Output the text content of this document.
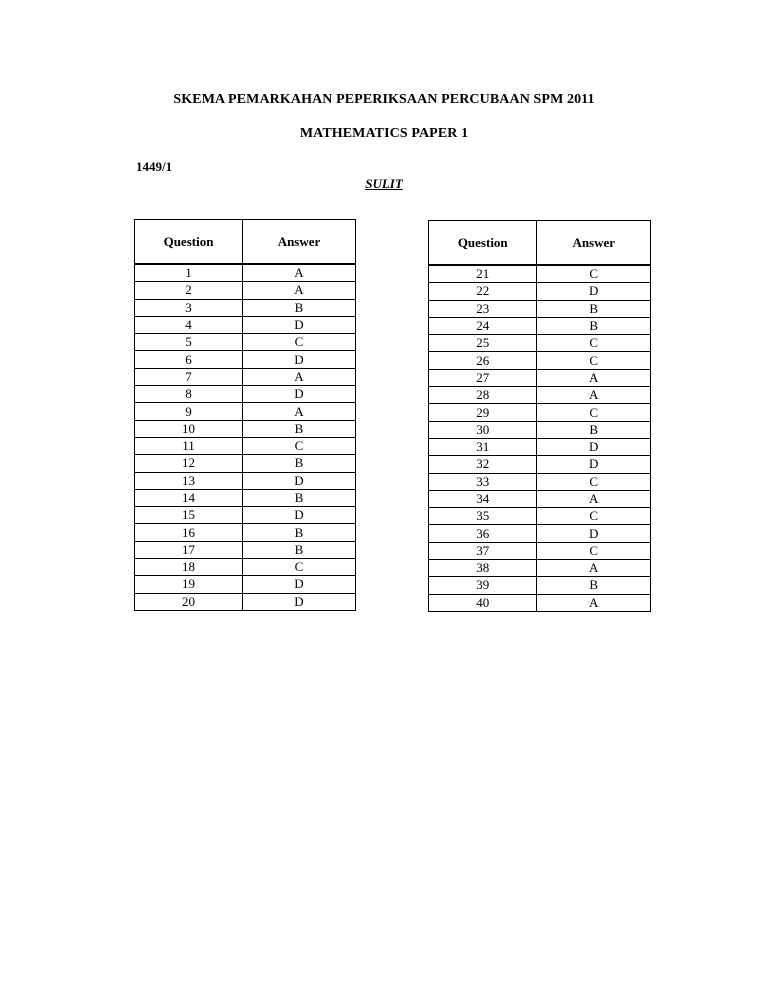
SKEMA PEMARKAHAN PEPERIKSAAN PERCUBAAN SPM 2011
MATHEMATICS PAPER 1
1449/1
SULIT
Question	Answer
1	A
2	A
3	B
4	D
5	C
6	D
7	A
8	D
9	A
10	B
11	C
12	B
13	D
14	B
15	D
16	B
17	B
18	C
19	D
20	D
Question	Answer
21	C
22	D
23	B
24	B
25	C
26	C
27	A
28	A
29	C
30	B
31	D
32	D
33	C
34	A
35	C
36	D
37	C
38	A
39	B
40	A
